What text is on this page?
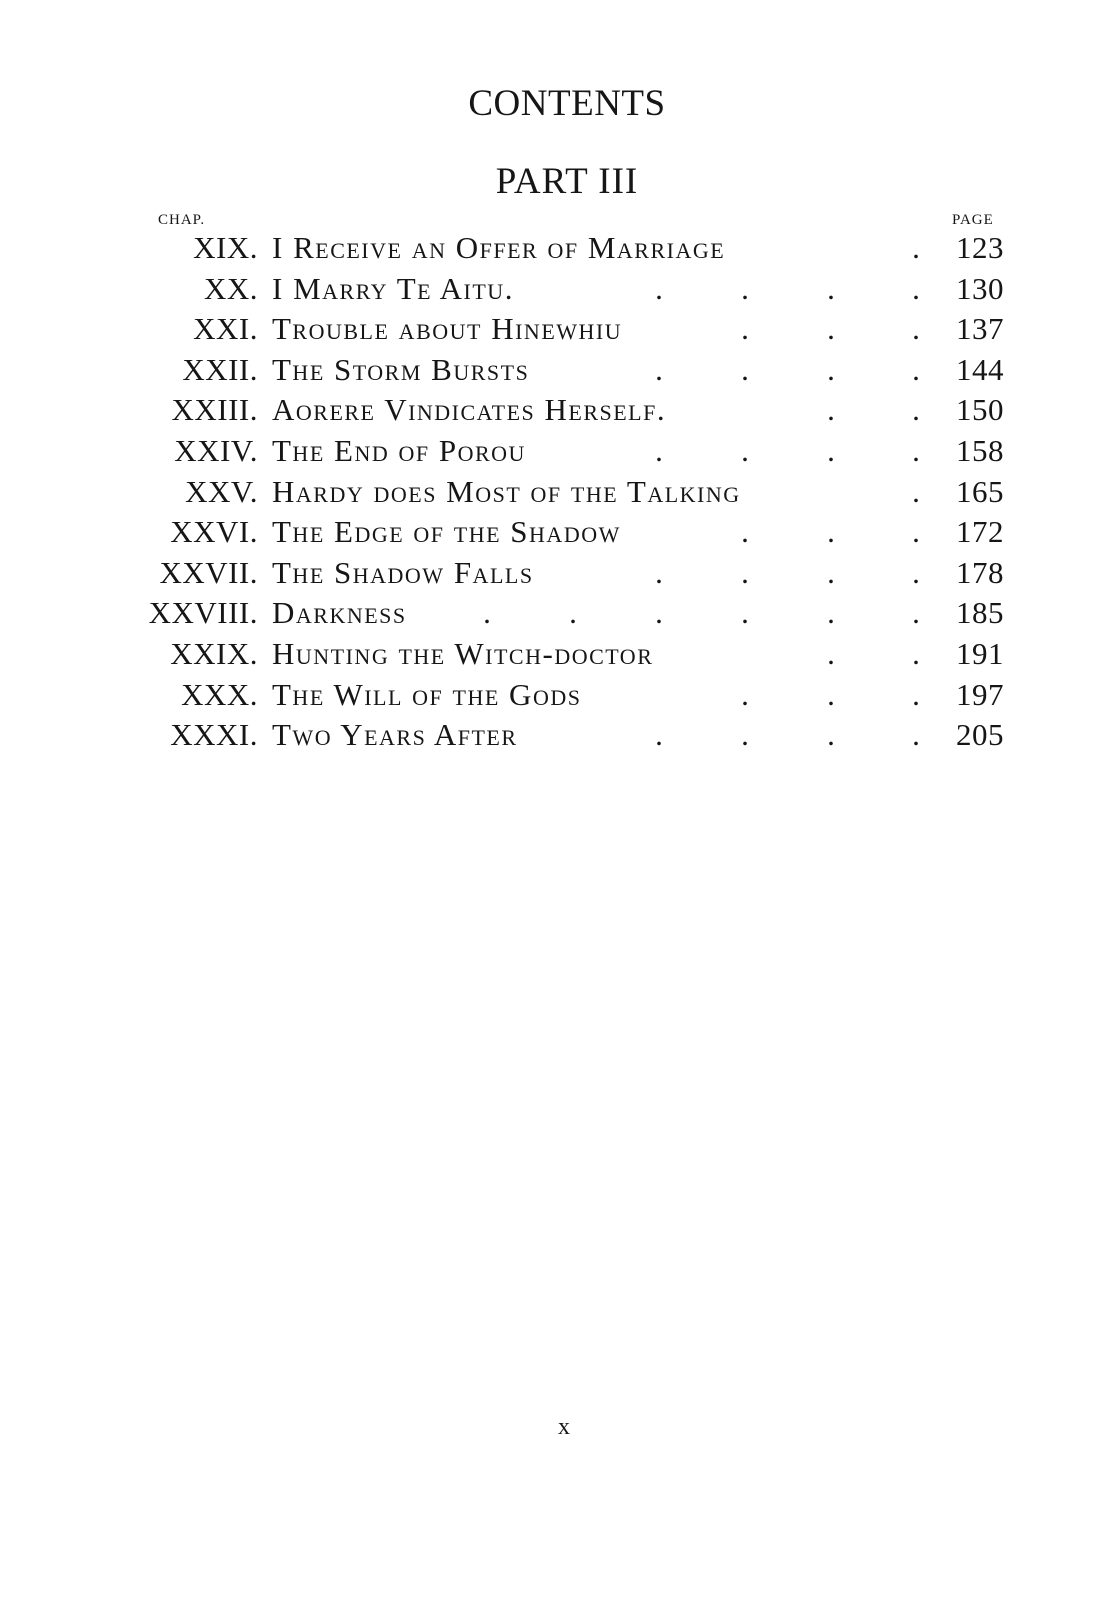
CONTENTS
PART III
CHAP.	PAGE
XIX. I Receive an Offer of Marriage	. 123
XX. I Marry Te Aitu.	.	.	. . 130
XXI. Trouble about Hinewhiu	.	. . 137
XXII. The Storm Bursts	.	.	. . 144
XXIII. Aorere Vindicates Herself.	. . 150
XXIV. The End of Porou	.	.	. . 158
XXV. Hardy does Most of the Talking	. 165
XXVI. The Edge of the Shadow	.	. . 172
XXVII. The Shadow Falls	.	.	. . 178
XXVIII. Darkness .	.	.	.	. . 185
XXIX. Hunting the Witch-doctor	. . 191
XXX. The Will of the Gods	.	. . 197
XXXI. Two Years After	.	.	. . 205
x
